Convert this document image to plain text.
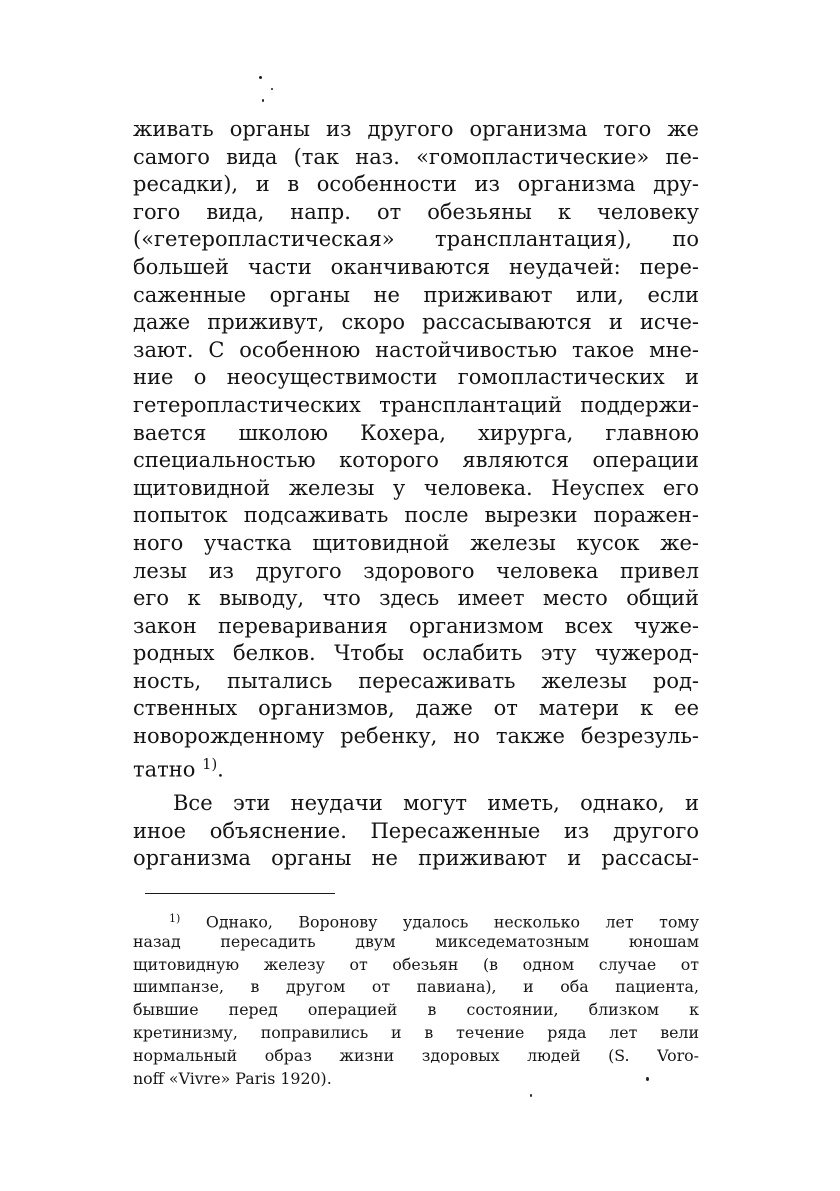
живать органы из другого организма того же
самого вида (так наз. «гомопластические» пе-
ресадки), и в особенности из организма дру-
гого вида, напр. от обезьяны к человеку
(«гетеропластическая» трансплантация), по
большей части оканчиваются неудачей: пере-
саженные органы не приживают или, если
даже приживут, скоро рассасываются и исче-
зают. С особенною настойчивостью такое мне-
ние о неосуществимости гомопластических и
гетеропластических трансплантаций поддержи-
вается школою Кохера, хирурга, главною
специальностью которого являются операции
щитовидной железы у человека. Неуспех его
попыток подсаживать после вырезки поражен-
ного участка щитовидной железы кусок же-
лезы из другого здорового человека привел
его к выводу, что здесь имеет место общий
закон переваривания организмом всех чуже-
родных белков. Чтобы ослабить эту чужерод-
ность, пытались пересаживать железы род-
ственных организмов, даже от матери к ее
новорожденному ребенку, но также безрезуль-
татно $^{1)}$.
Все эти неудачи могут иметь, однако, и
иное объяснение. Пересаженные из другого
организма органы не приживают и рассасы-
$^{1)}$ Однако, Воронову удалось несколько лет тому
назад пересадить двум микседематозным юношам
щитовидную железу от обезьян (в одном случае от
шимпанзе, в другом от павиана), и оба пациента,
бывшие перед операцией в состоянии, близком к
кретинизму, поправились и в течение ряда лет вели
нормальный образ жизни здоровых людей (S. Voro-
noff «Vivre» Paris 1920).
